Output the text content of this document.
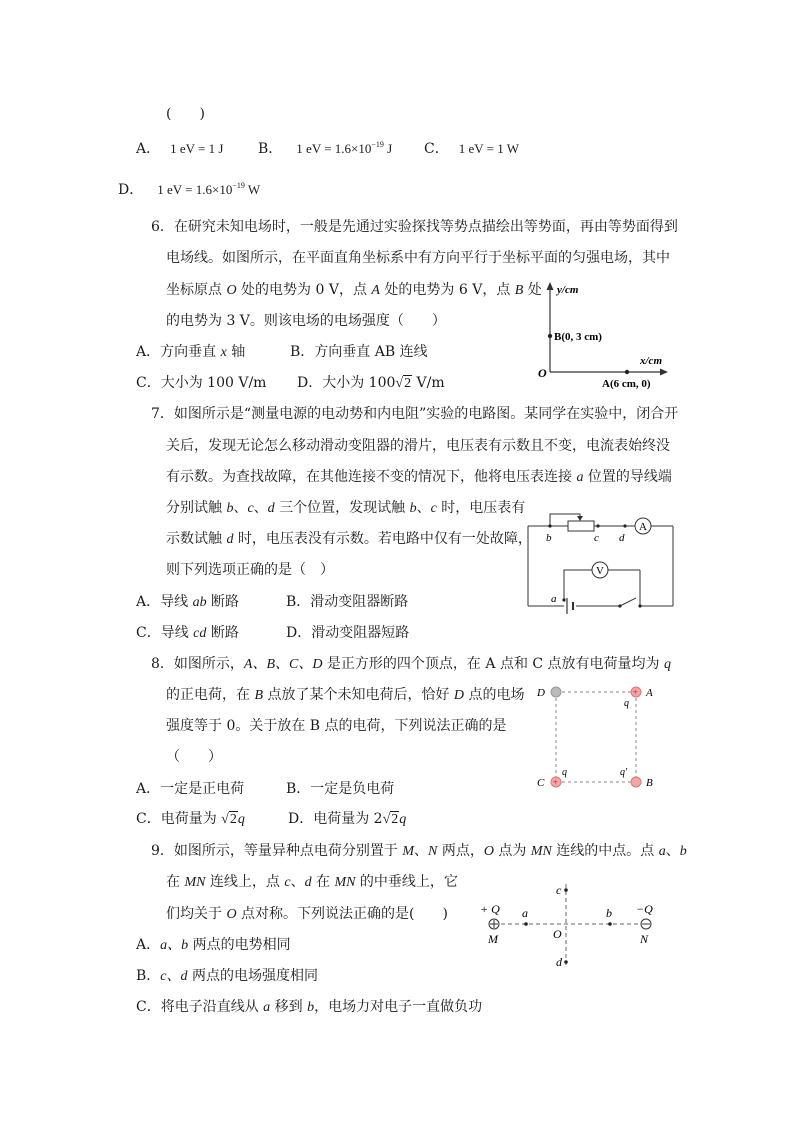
(　　)
A． 1 eV = 1 J B． 1 eV = $1.6\times 10^{-19}$ J C． 1 eV = 1 W
D． 1 eV = $1.6\times 10^{-19}$ W
6．在研究未知电场时，一般是先通过实验探找等势点描绘出等势面，再由等势面得到
电场线。如图所示，在平面直角坐标系中有方向平行于坐标平面的匀强电场，其中
坐标原点 O 处的电势为 0 V，点 A 处的电势为 6 V，点 B 处
的电势为 3 V。则该电场的电场强度（　　）
A．方向垂直 x 轴	B．方向垂直 AB 连线
C．大小为 100 V/m D．大小为 100√2 V/m
y/cm
x/cm
O
B(0, 3 cm)
A(6 cm, 0)
7．如图所示是“测量电源的电动势和内电阻”实验的电路图。某同学在实验中，闭合开
关后，发现无论怎么移动滑动变阻器的滑片，电压表有示数且不变，电流表始终没
有示数。为查找故障，在其他连接不变的情况下，他将电压表连接 a 位置的导线端
分别试触 b、c、d 三个位置，发现试触 b、c 时，电压表有
示数试触 d 时，电压表没有示数。若电路中仅有一处故障，
则下列选项正确的是（　）
A．导线 ab 断路	B．滑动变阻器断路
C．导线 cd 断路	D．滑动变阻器短路
A
b	c d
V
a
8．如图所示，A、B、C、D 是正方形的四个顶点，在 A 点和 C 点放有电荷量均为 q
的正电荷，在 B 点放了某个未知电荷后，恰好 D 点的电场
强度等于 0。关于放在 B 点的电荷，下列说法正确的是
（　　）
A．一定是正电荷	B．一定是负电荷
C．电荷量为 √2q	D．电荷量为 2√2q
+
+
D	A
C	B
q
q	q'
9．如图所示，等量异种点电荷分别置于 M、N 两点，O 点为 MN 连线的中点。点 a、b
在 MN 连线上，点 c、d 在 MN 的中垂线上，它
们均关于 O 点对称。下列说法正确的是(　　)
A．a、b 两点的电势相同
B．c、d 两点的电场强度相同
C．将电子沿直线从 a 移到 b，电场力对电子一直做负功
+ Q	−Q
M	N
a	b
O
c
d
